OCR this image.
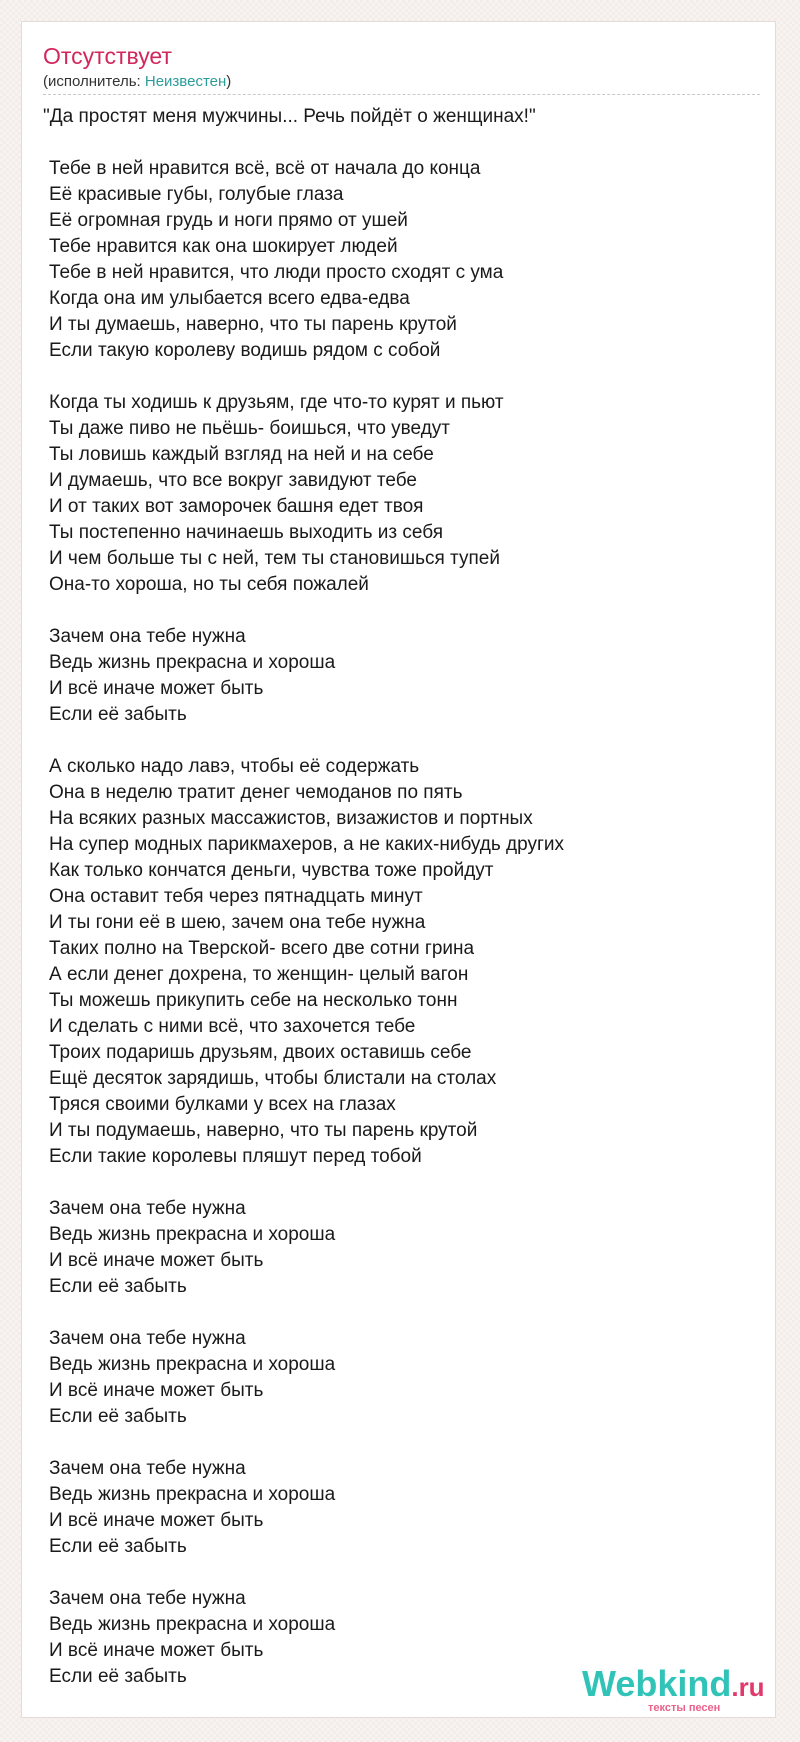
Отсутствует
(исполнитель: Неизвестен)
"Да простят меня мужчины... Речь пойдёт о женщинах!"
Тебе в ней нравится всё, всё от начала до конца
Её красивые губы, голубые глаза
Её огромная грудь и ноги прямо от ушей
Тебе нравится как она шокирует людей
Тебе в ней нравится, что люди просто сходят с ума
Когда она им улыбается всего едва-едва
И ты думаешь, наверно, что ты парень крутой
Если такую королеву водишь рядом с собой
Когда ты ходишь к друзьям, где что-то курят и пьют
Ты даже пиво не пьёшь- боишься, что уведут
Ты ловишь каждый взгляд на ней и на себе
И думаешь, что все вокруг завидуют тебе
И от таких вот заморочек башня едет твоя
Ты постепенно начинаешь выходить из себя
И чем больше ты с ней, тем ты становишься тупей
Она-то хороша, но ты себя пожалей
Зачем она тебе нужна
Ведь жизнь прекрасна и хороша
И всё иначе может быть
Если её забыть
А сколько надо лавэ, чтобы её содержать
Она в неделю тратит денег чемоданов по пять
На всяких разных массажистов, визажистов и портных
На супер модных парикмахеров, а не каких-нибудь других
Как только кончатся деньги, чувства тоже пройдут
Она оставит тебя через пятнадцать минут
И ты гони её в шею, зачем она тебе нужна
Таких полно на Тверской- всего две сотни грина
А если денег дохрена, то женщин- целый вагон
Ты можешь прикупить себе на несколько тонн
И сделать с ними всё, что захочется тебе
Троих подаришь друзьям, двоих оставишь себе
Ещё десяток зарядишь, чтобы блистали на столах
Тряся своими булками у всех на глазах
И ты подумаешь, наверно, что ты парень крутой
Если такие королевы пляшут перед тобой
Зачем она тебе нужна
Ведь жизнь прекрасна и хороша
И всё иначе может быть
Если её забыть
Зачем она тебе нужна
Ведь жизнь прекрасна и хороша
И всё иначе может быть
Если её забыть
Зачем она тебе нужна
Ведь жизнь прекрасна и хороша
И всё иначе может быть
Если её забыть
Зачем она тебе нужна
Ведь жизнь прекрасна и хороша
И всё иначе может быть
Если её забыть	Webkind.ru
тексты песен
